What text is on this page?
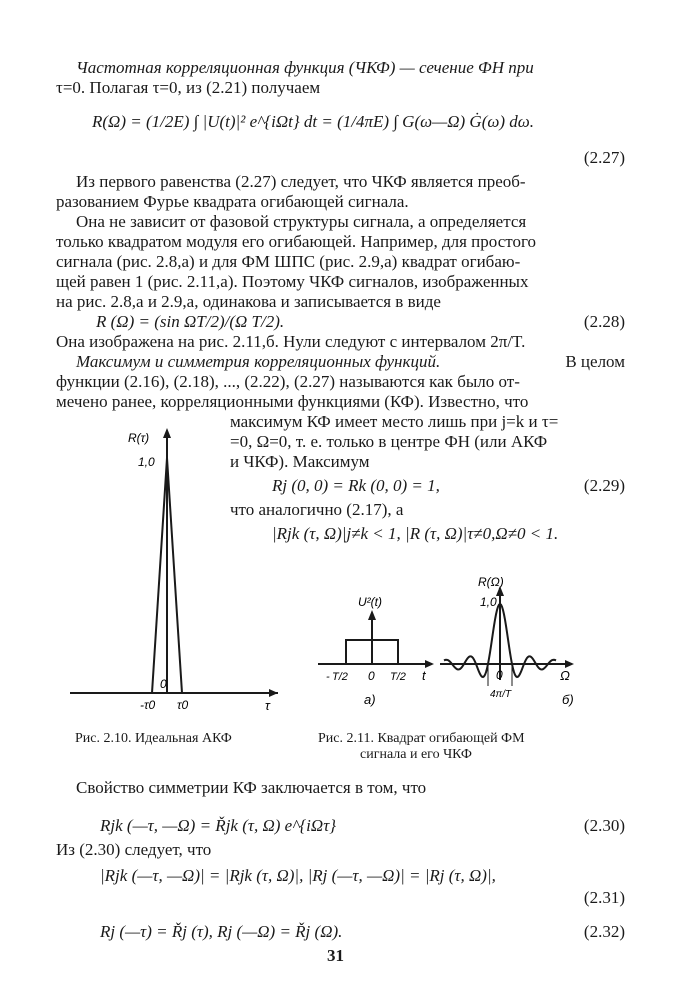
Частотная корреляционная функция (ЧКФ) — сечение ФН при
τ=0. Полагая τ=0, из (2.21) получаем
R(Ω) = (1/2E) ∫ |U(t)|² e^{iΩt} dt = (1/4πE) ∫ G(ω—Ω) Ġ(ω) dω.
(2.27)
Из первого равенства (2.27) следует, что ЧКФ является преоб-
разованием Фурье квадрата огибающей сигнала.
Она не зависит от фазовой структуры сигнала, а определяется
только квадратом модуля его огибающей. Например, для простого
сигнала (рис. 2.8,а) и для ФМ ШПС (рис. 2.9,а) квадрат огибаю-
щей равен 1 (рис. 2.11,а). Поэтому ЧКФ сигналов, изображенных
на рис. 2.8,а и 2.9,а, одинакова и записывается в виде
R (Ω) = (sin ΩT/2)/(Ω T/2).	(2.28)
Она изображена на рис. 2.11,б. Нули следуют с интервалом 2π/T.
Максимум и симметрия корреляционных функций.	В целом
функции (2.16), (2.18), ..., (2.22), (2.27) называются как было от-
мечено ранее, корреляционными функциями (КФ). Известно, что
максимум КФ имеет место лишь при j=k и τ=
=0, Ω=0, т. е. только в центре ФН (или АКФ
и ЧКФ). Максимум
Rj (0, 0) = Rk (0, 0) = 1,	(2.29)
что аналогично (2.17), а
|Rjk (τ, Ω)|j≠k < 1, |R (τ, Ω)|τ≠0,Ω≠0 < 1.
R(τ)
1,0
0
-τ0 τ0	τ
Рис. 2.10. Идеальная АКФ
U²(t)
0
T/2
-	T/2 t
а)
R(Ω)
1,0
0
4π/T
Ω
б)
Рис. 2.11. Квадрат огибающей ФМ
сигнала и его ЧКФ
Свойство симметрии КФ заключается в том, что
Rjk (—τ, —Ω) = Řjk (τ, Ω) e^{iΩτ}	(2.30)
Из (2.30) следует, что
|Rjk (—τ, —Ω)| = |Rjk (τ, Ω)|, |Rj (—τ, —Ω)| = |Rj (τ, Ω)|,
(2.31)
Rj (—τ) = Řj (τ), Rj (—Ω) = Řj (Ω).	(2.32)
31
